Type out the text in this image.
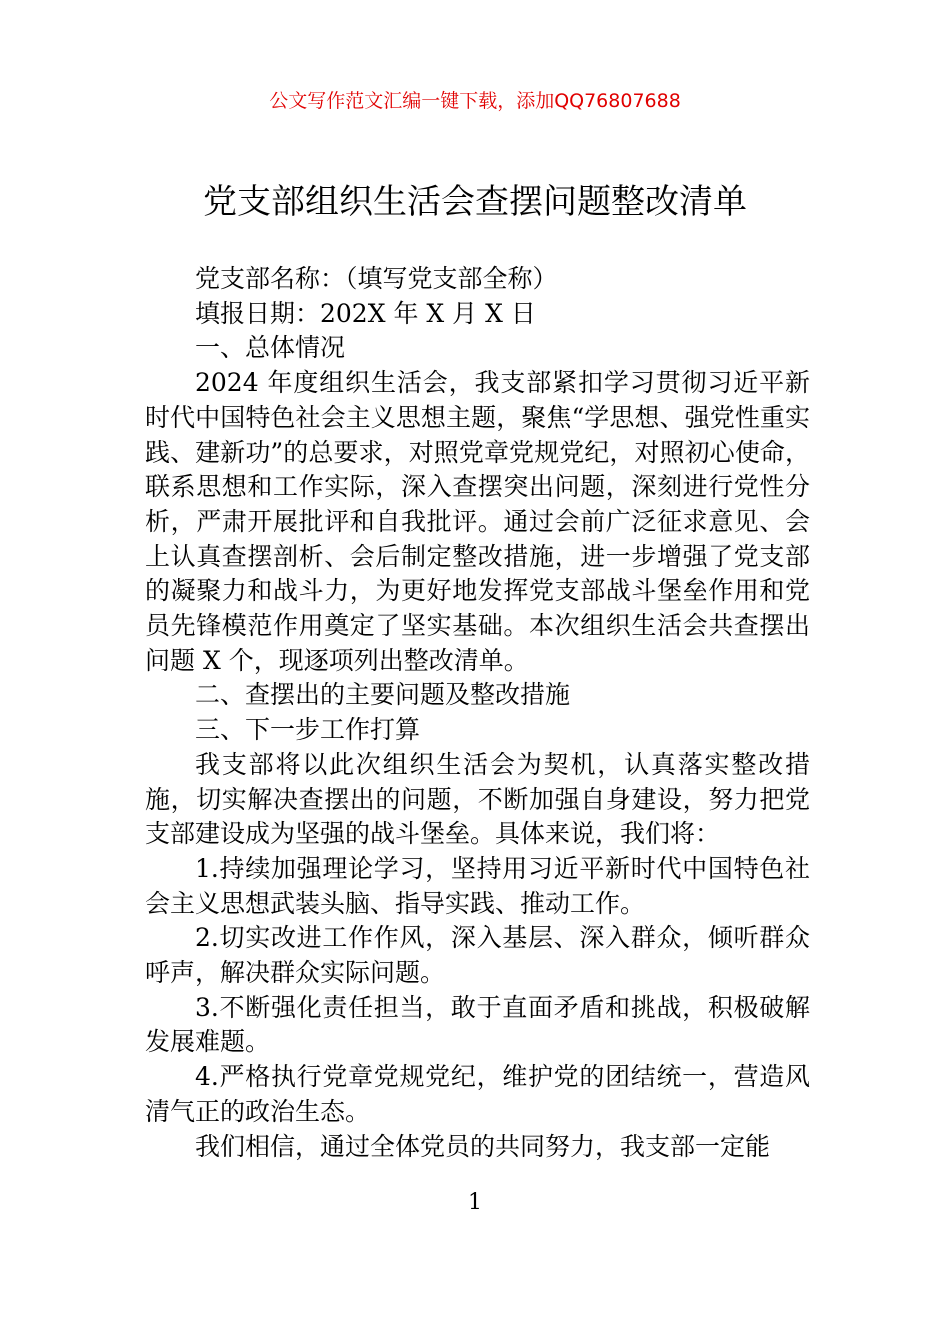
公文写作范文汇编一键下载，添加QQ76807688
党支部组织生活会查摆问题整改清单

党支部名称：（填写党支部全称）

填报日期：202X 年 X 月 X 日

一、总体情况

2024 年度组织生活会，我支部紧扣学习贯彻习近平新时代中国特色社会主义思想主题，聚焦“学思想、强党性重实践、建新功”的总要求，对照党章党规党纪，对照初心使命，联系思想和工作实际，深入查摆突出问题，深刻进行党性分析，严肃开展批评和自我批评。通过会前广泛征求意见、会上认真查摆剖析、会后制定整改措施，进一步增强了党支部的凝聚力和战斗力，为更好地发挥党支部战斗堡垒作用和党员先锋模范作用奠定了坚实基础。本次组织生活会共查摆出问题 X 个，现逐项列出整改清单。

二、查摆出的主要问题及整改措施

三、下一步工作打算

我支部将以此次组织生活会为契机，认真落实整改措施，切实解决查摆出的问题，不断加强自身建设，努力把党支部建设成为坚强的战斗堡垒。具体来说，我们将：

1.持续加强理论学习，坚持用习近平新时代中国特色社会主义思想武装头脑、指导实践、推动工作。

2.切实改进工作作风，深入基层、深入群众，倾听群众呼声，解决群众实际问题。

3.不断强化责任担当，敢于直面矛盾和挑战，积极破解发展难题。

4.严格执行党章党规党纪，维护党的团结统一，营造风清气正的政治生态。

我们相信，通过全体党员的共同努力，我支部一定能

1
